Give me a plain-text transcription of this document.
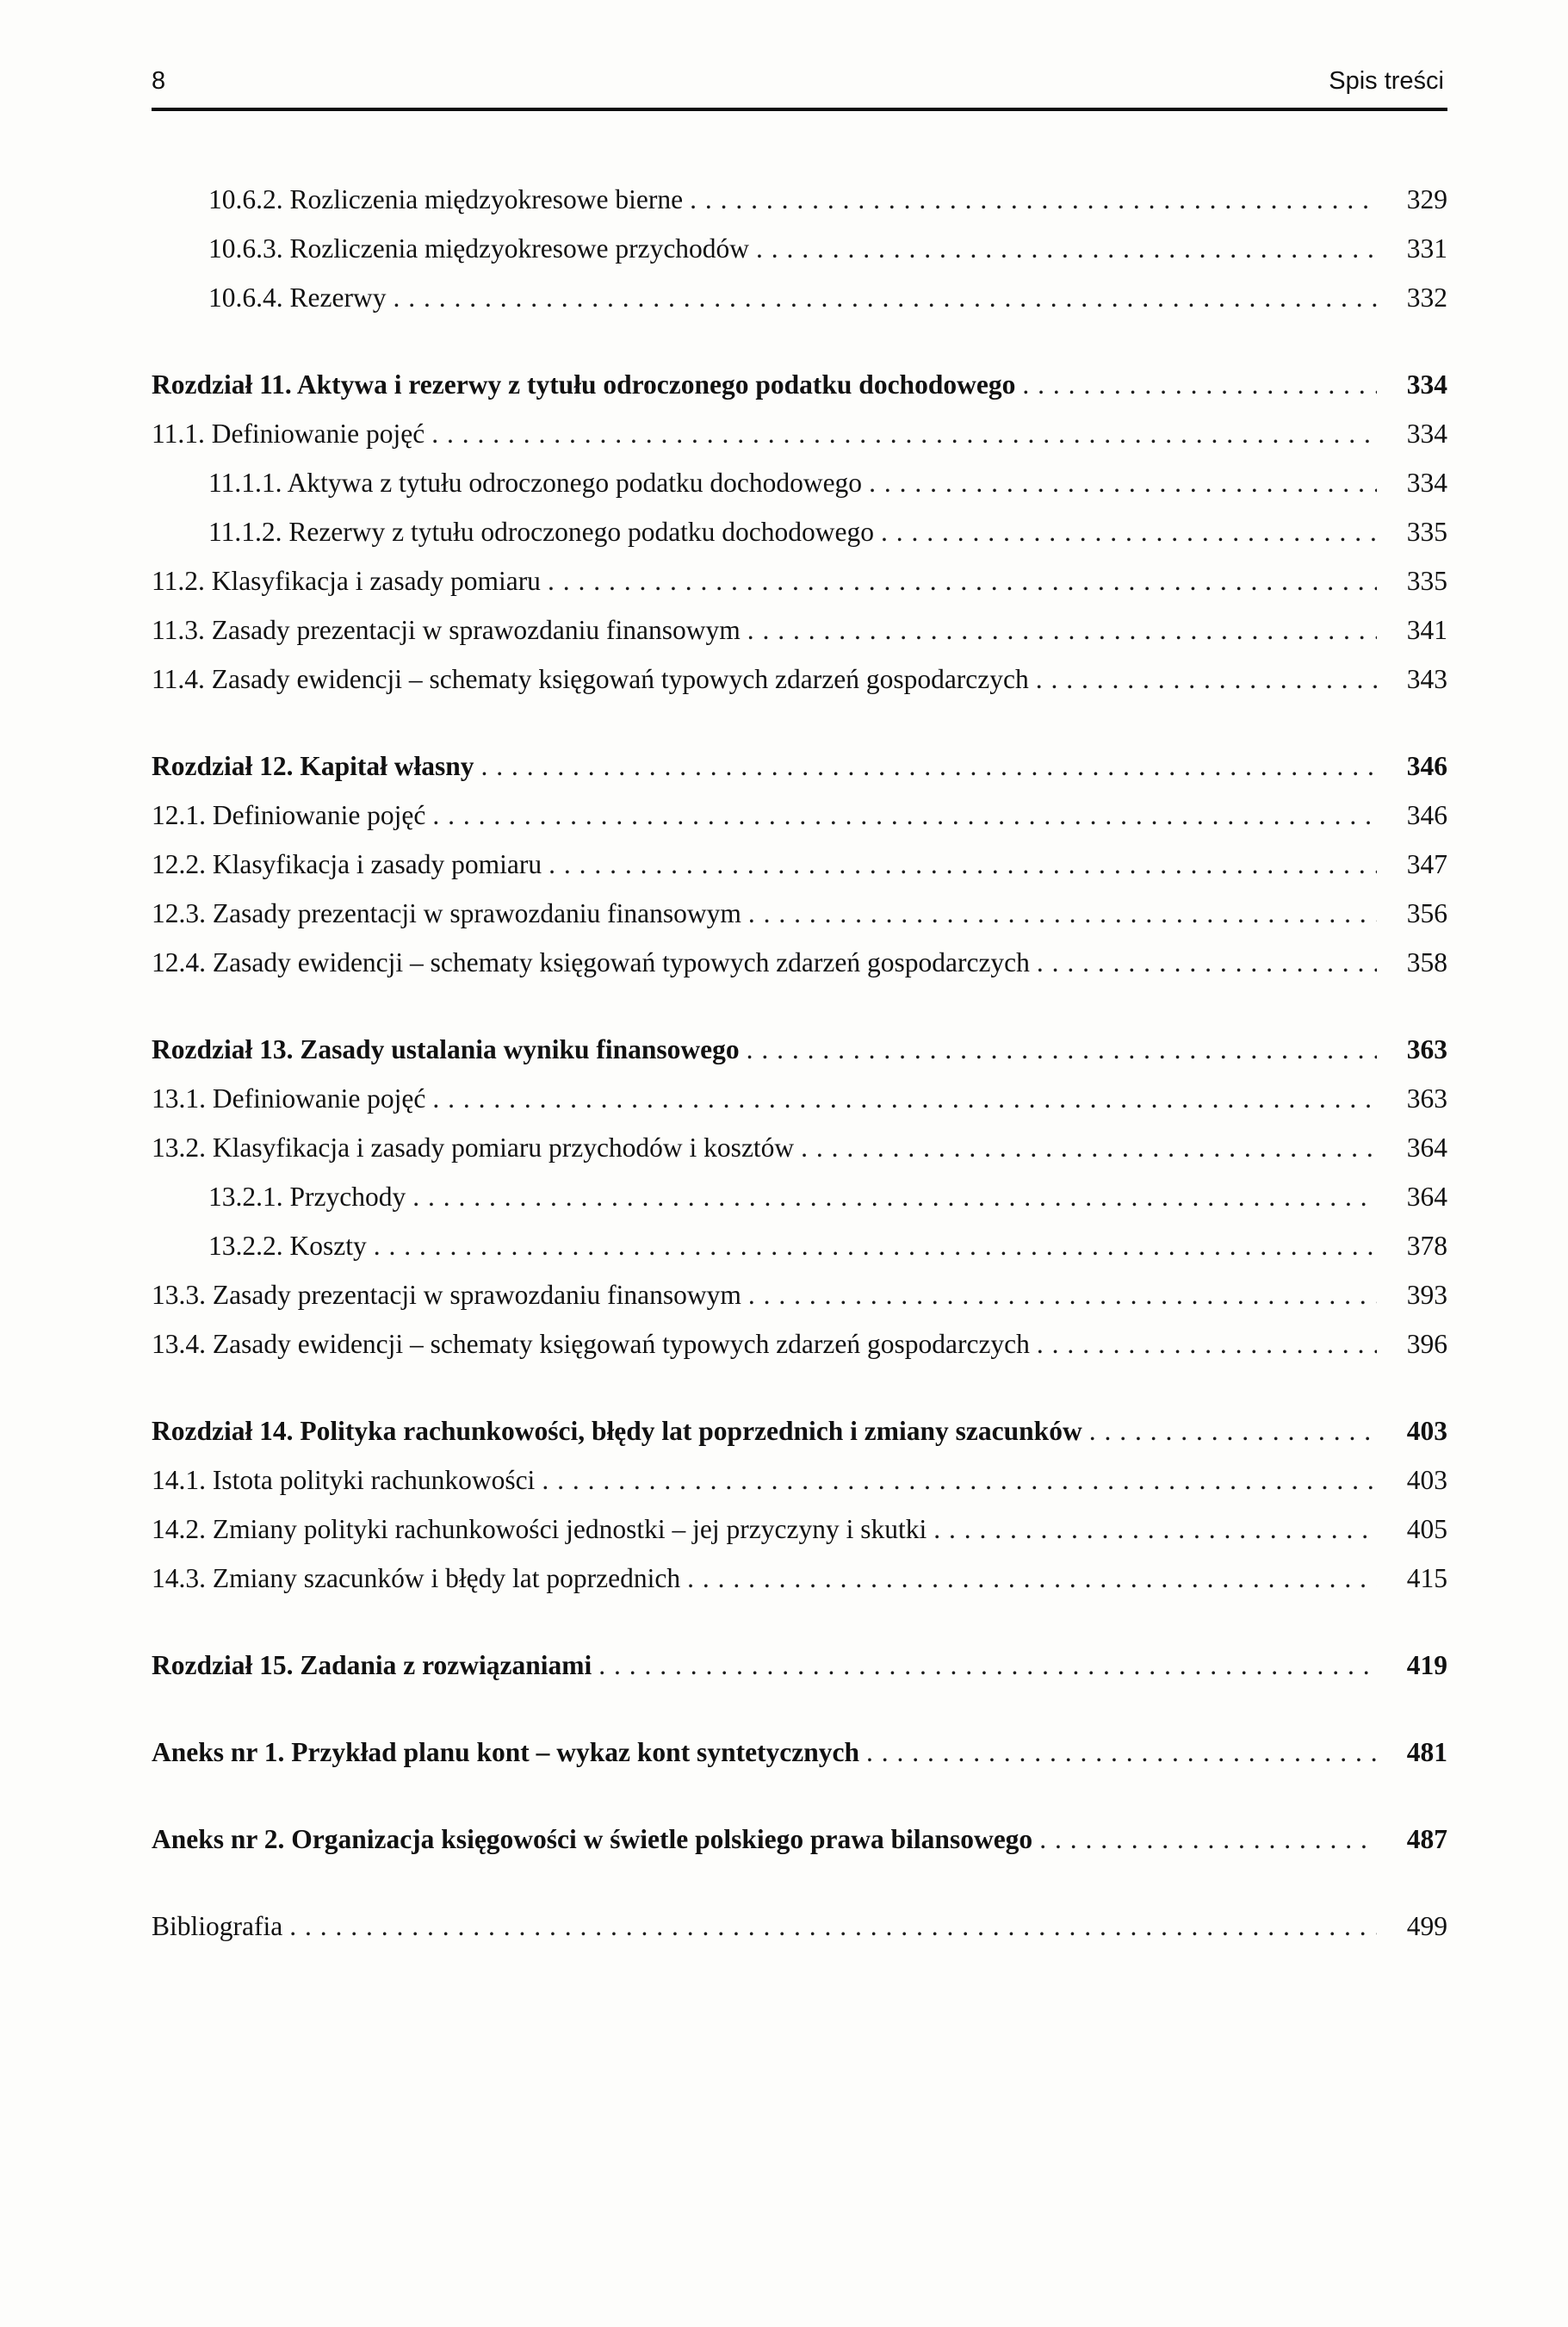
8	Spis treści
10.6.2. Rozliczenia międzyokresowe bierne . . .	329
10.6.3. Rozliczenia międzyokresowe przychodów . . .	331
10.6.4. Rezerwy . . .	332
Rozdział 11. Aktywa i rezerwy z tytułu odroczonego podatku dochodowego . . .	334
11.1. Definiowanie pojęć . . .	334
11.1.1. Aktywa z tytułu odroczonego podatku dochodowego . . .	334
11.1.2. Rezerwy z tytułu odroczonego podatku dochodowego . . .	335
11.2. Klasyfikacja i zasady pomiaru . . .	335
11.3. Zasady prezentacji w sprawozdaniu finansowym . . .	341
11.4. Zasady ewidencji – schematy księgowań typowych zdarzeń gospodarczych . . .	343
Rozdział 12. Kapitał własny . . .	346
12.1. Definiowanie pojęć . . .	346
12.2. Klasyfikacja i zasady pomiaru . . .	347
12.3. Zasady prezentacji w sprawozdaniu finansowym . . .	356
12.4. Zasady ewidencji – schematy księgowań typowych zdarzeń gospodarczych . . .	358
Rozdział 13. Zasady ustalania wyniku finansowego . . .	363
13.1. Definiowanie pojęć . . .	363
13.2. Klasyfikacja i zasady pomiaru przychodów i kosztów . . .	364
13.2.1. Przychody . . .	364
13.2.2. Koszty . . .	378
13.3. Zasady prezentacji w sprawozdaniu finansowym . . .	393
13.4. Zasady ewidencji – schematy księgowań typowych zdarzeń gospodarczych . . .	396
Rozdział 14. Polityka rachunkowości, błędy lat poprzednich i zmiany szacunków . . .	403
14.1. Istota polityki rachunkowości . . .	403
14.2. Zmiany polityki rachunkowości jednostki – jej przyczyny i skutki . . .	405
14.3. Zmiany szacunków i błędy lat poprzednich . . .	415
Rozdział 15. Zadania z rozwiązaniami . . .	419
Aneks nr 1. Przykład planu kont – wykaz kont syntetycznych . . .	481
Aneks nr 2. Organizacja księgowości w świetle polskiego prawa bilansowego . . .	487
Bibliografia . . .	499
